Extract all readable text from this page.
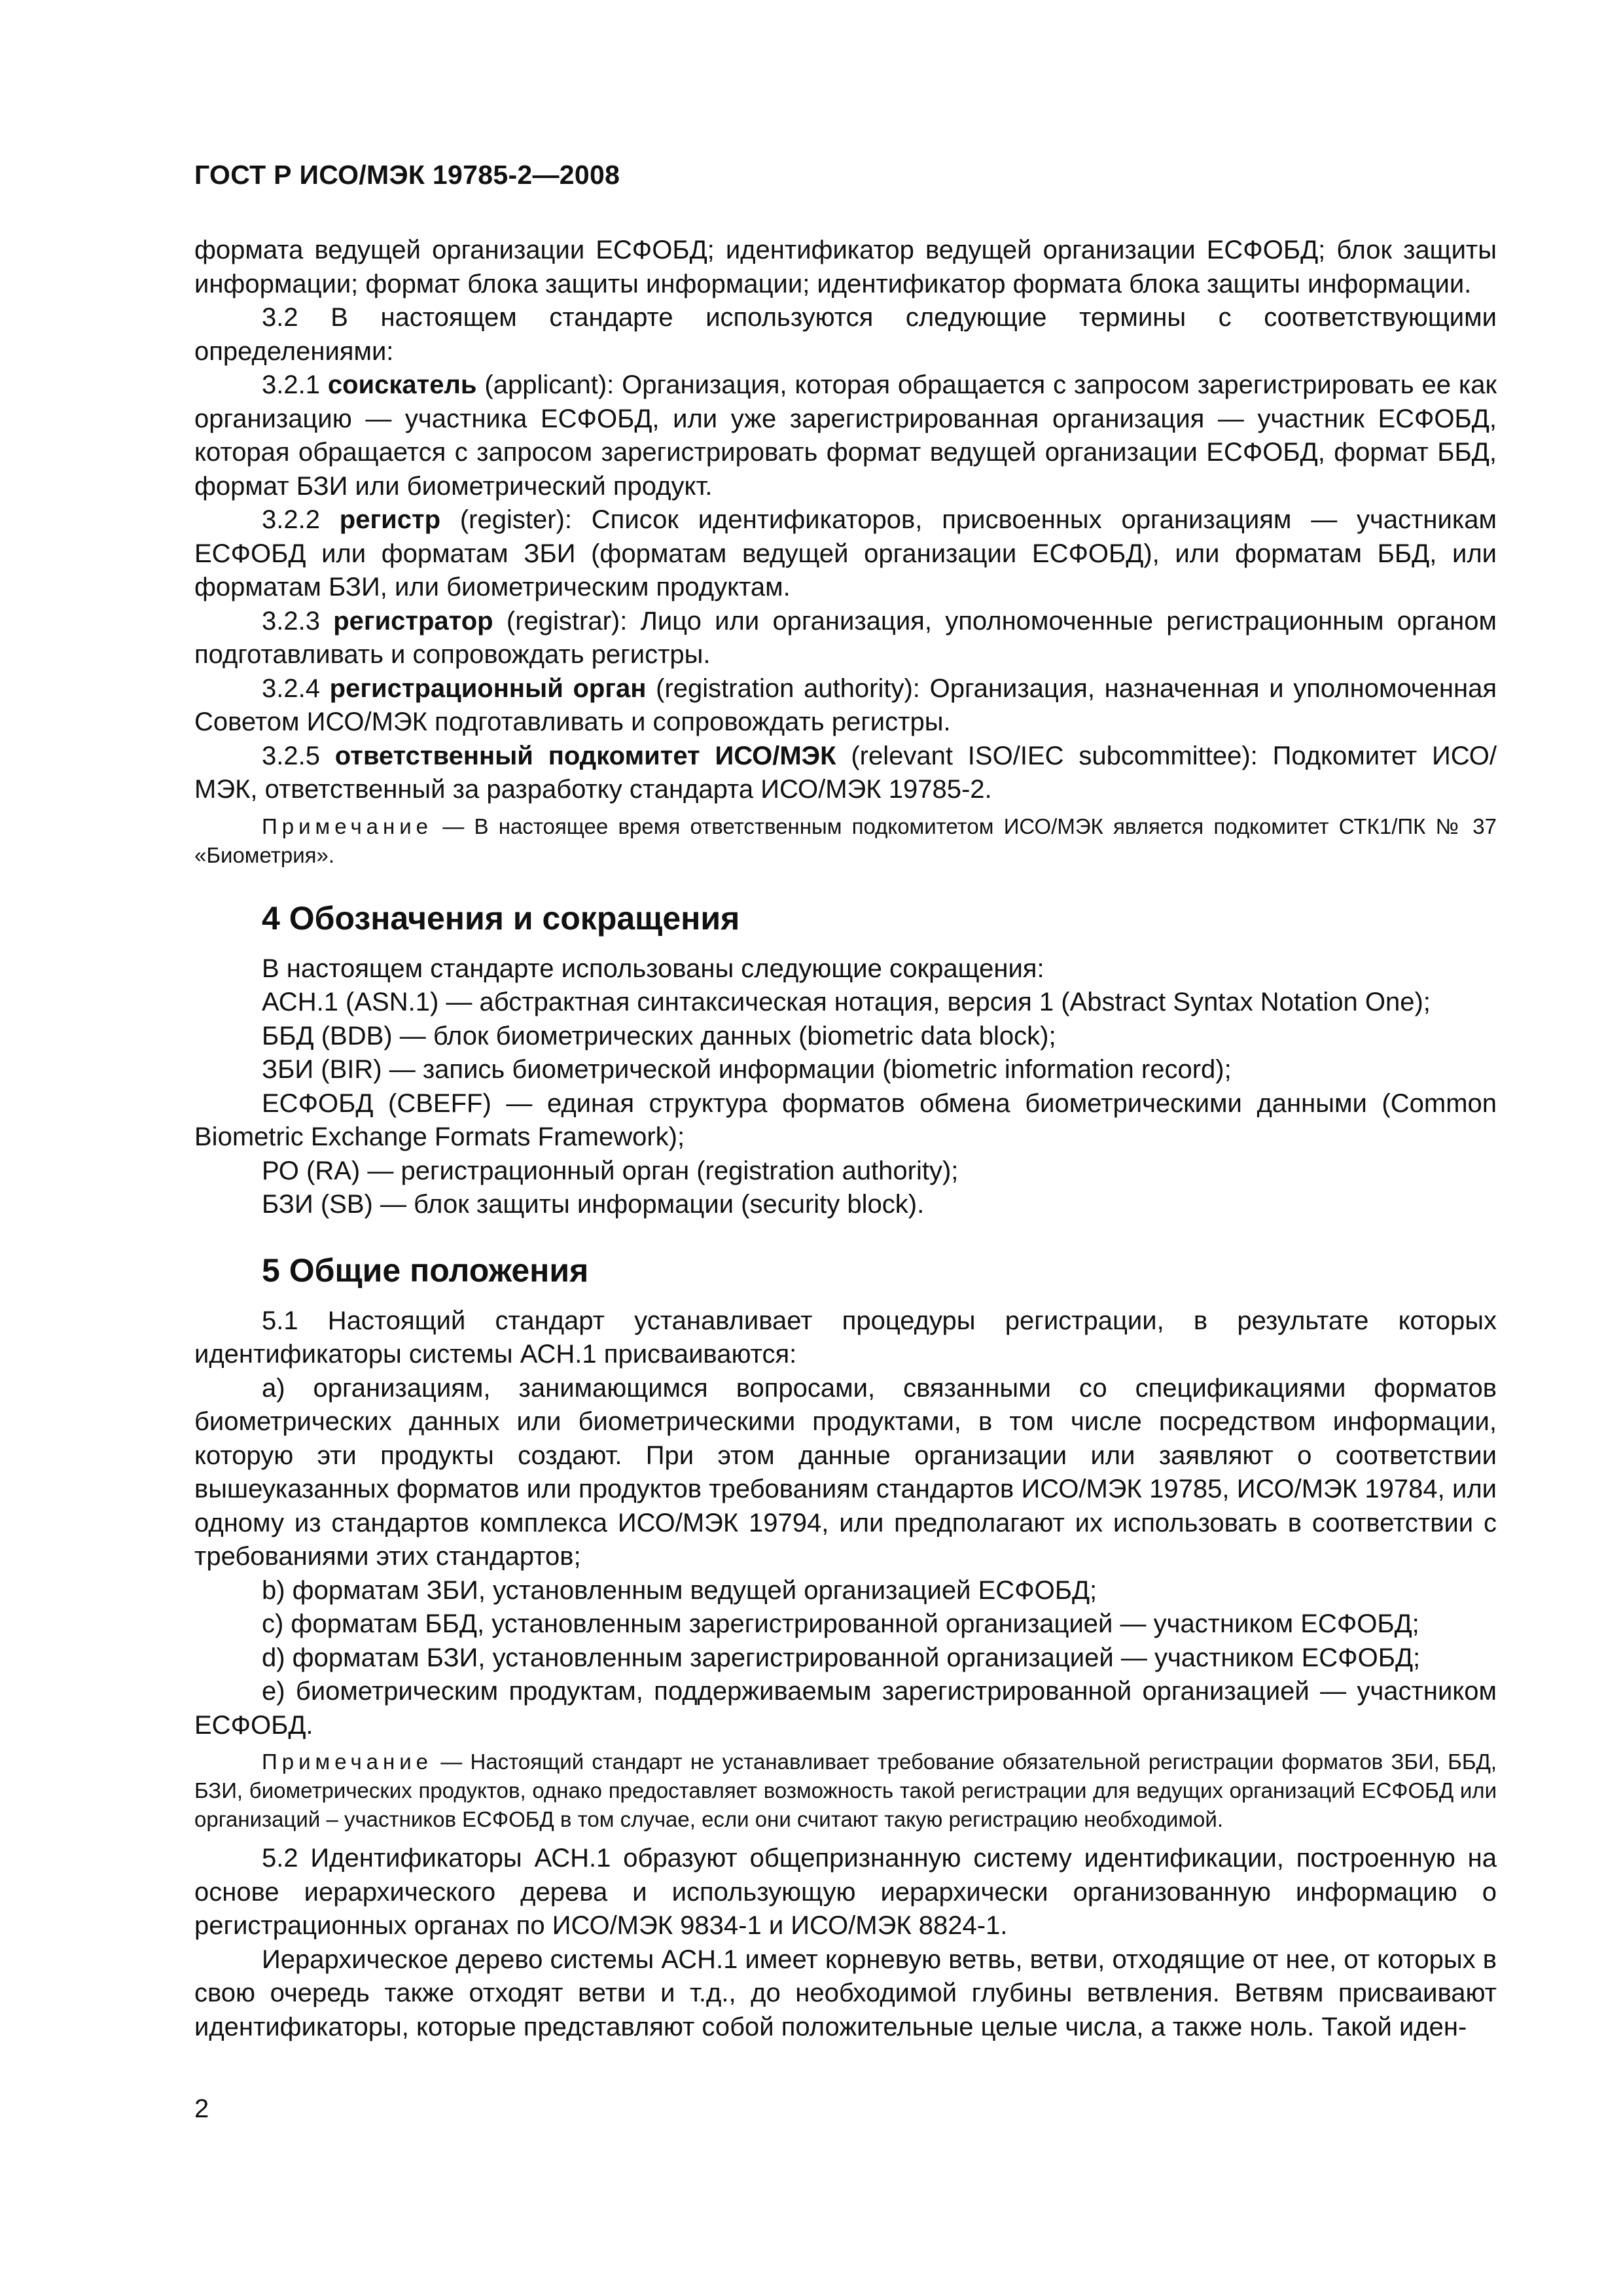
ГОСТ Р ИСО/МЭК 19785-2—2008

формата ведущей организации ЕСФОБД; идентификатор ведущей организации ЕСФОБД; блок защиты информации; формат блока защиты информации; идентификатор формата блока защиты информации.

3.2 В настоящем стандарте используются следующие термины с соответствующими определениями:

3.2.1 соискатель (applicant): Организация, которая обращается с запросом зарегистрировать ее как организацию — участника ЕСФОБД, или уже зарегистрированная организация — участник ЕСФОБД, которая обращается с запросом зарегистрировать формат ведущей организации ЕСФОБД, формат ББД, формат БЗИ или биометрический продукт.

3.2.2 регистр (register): Список идентификаторов, присвоенных организациям — участникам ЕСФОБД или форматам ЗБИ (форматам ведущей организации ЕСФОБД), или форматам ББД, или форматам БЗИ, или биометрическим продуктам.

3.2.3 регистратор (registrar): Лицо или организация, уполномоченные регистрационным органом подготавливать и сопровождать регистры.

3.2.4 регистрационный орган (registration authority): Организация, назначенная и уполномоченная Советом ИСО/МЭК подготавливать и сопровождать регистры.

3.2.5 ответственный подкомитет ИСО/МЭК (relevant ISO/IEC subcommittee): Подкомитет ИСО/МЭК, ответственный за разработку стандарта ИСО/МЭК 19785-2.

Примечание — В настоящее время ответственным подкомитетом ИСО/МЭК является подкомитет СТК1/ПК № 37 «Биометрия».

4 Обозначения и сокращения

В настоящем стандарте использованы следующие сокращения:

АСН.1 (ASN.1) — абстрактная синтаксическая нотация, версия 1 (Abstract Syntax Notation One);

ББД (BDB) — блок биометрических данных (biometric data block);

ЗБИ (BIR) — запись биометрической информации (biometric information record);

ЕСФОБД (CBEFF) — единая структура форматов обмена биометрическими данными (Common Biometric Exchange Formats Framework);

РО (RA) — регистрационный орган (registration authority);

БЗИ (SB) — блок защиты информации (security block).

5 Общие положения

5.1 Настоящий стандарт устанавливает процедуры регистрации, в результате которых идентификаторы системы АСН.1 присваиваются:

a) организациям, занимающимся вопросами, связанными со спецификациями форматов биометрических данных или биометрическими продуктами, в том числе посредством информации, которую эти продукты создают. При этом данные организации или заявляют о соответствии вышеуказанных форматов или продуктов требованиям стандартов ИСО/МЭК 19785, ИСО/МЭК 19784, или одному из стандартов комплекса ИСО/МЭК 19794, или предполагают их использовать в соответствии с требованиями этих стандартов;

b) форматам ЗБИ, установленным ведущей организацией ЕСФОБД;

c) форматам ББД, установленным зарегистрированной организацией — участником ЕСФОБД;

d) форматам БЗИ, установленным зарегистрированной организацией — участником ЕСФОБД;

e) биометрическим продуктам, поддерживаемым зарегистрированной организацией — участником ЕСФОБД.

Примечание — Настоящий стандарт не устанавливает требование обязательной регистрации форматов ЗБИ, ББД, БЗИ, биометрических продуктов, однако предоставляет возможность такой регистрации для ведущих организаций ЕСФОБД или организаций – участников ЕСФОБД в том случае, если они считают такую регистрацию необходимой.

5.2 Идентификаторы АСН.1 образуют общепризнанную систему идентификации, построенную на основе иерархического дерева и использующую иерархически организованную информацию о регистрационных органах по ИСО/МЭК 9834-1 и ИСО/МЭК 8824-1.

Иерархическое дерево системы АСН.1 имеет корневую ветвь, ветви, отходящие от нее, от которых в свою очередь также отходят ветви и т.д., до необходимой глубины ветвления. Ветвям присваивают идентификаторы, которые представляют собой положительные целые числа, а также ноль. Такой иден-

2
